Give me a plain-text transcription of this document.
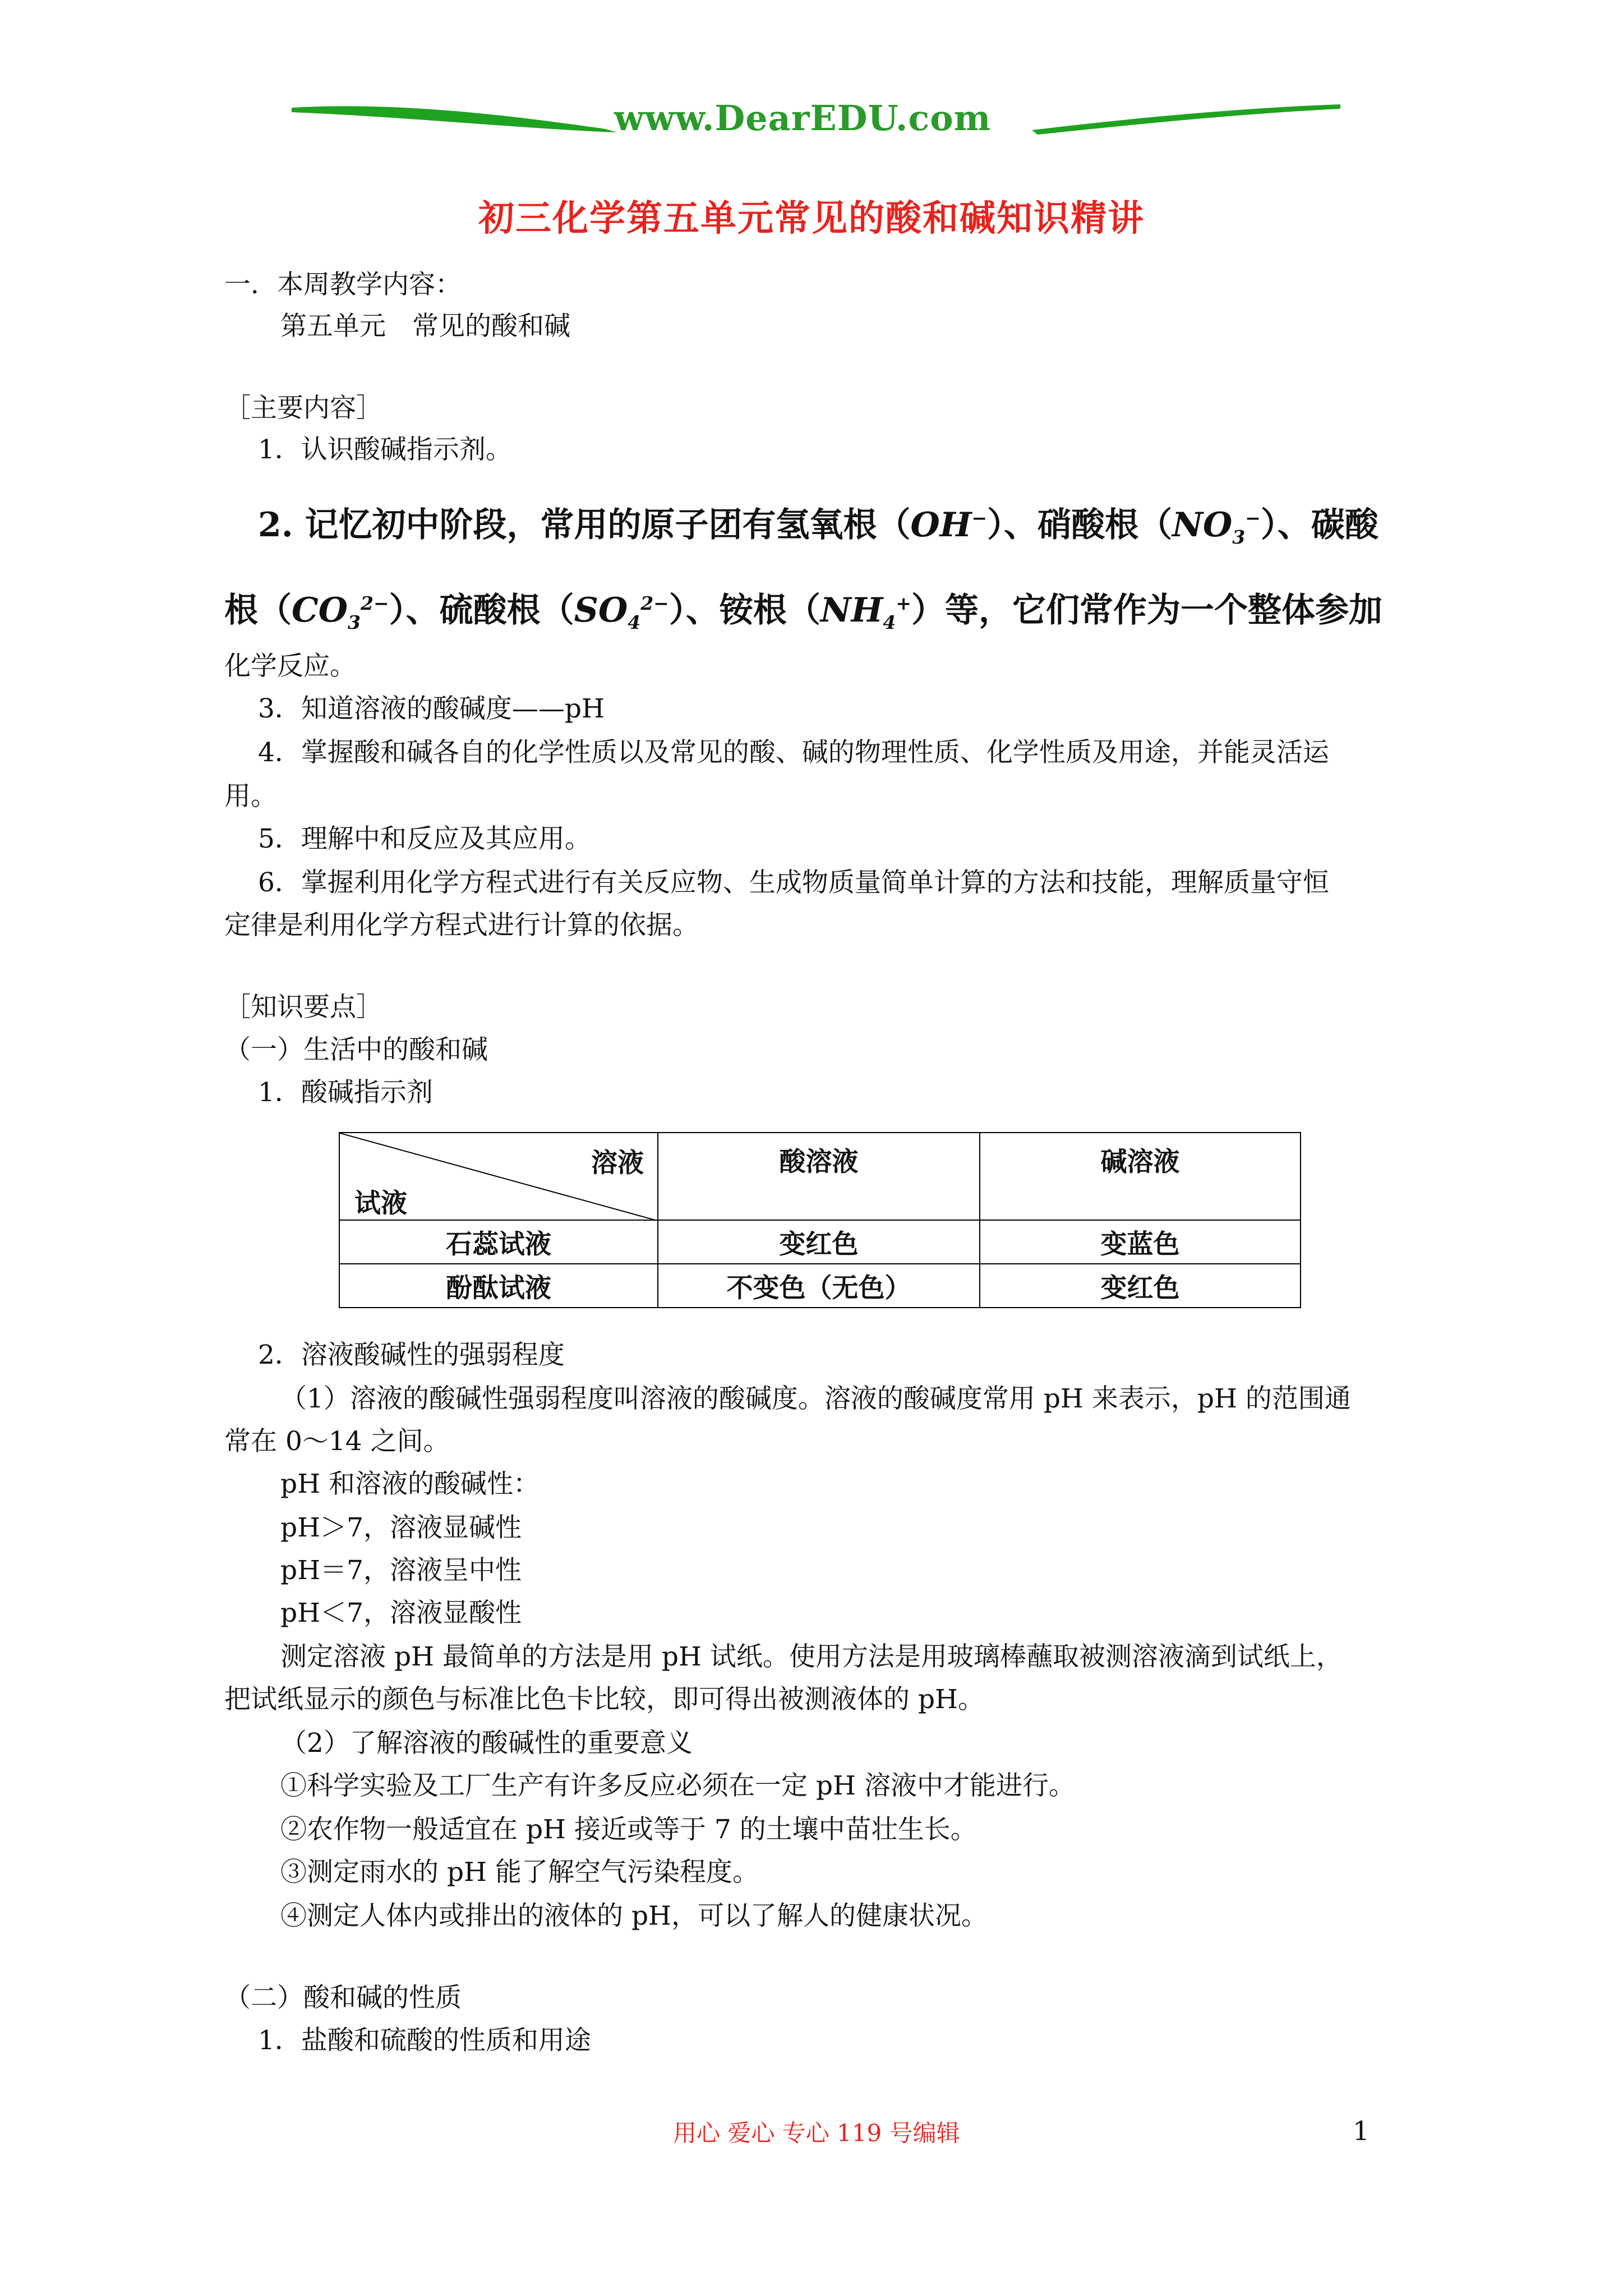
www.DearEDU.com
初三化学第五单元常见的酸和碱知识精讲
一．本周教学内容：
第五单元　常见的酸和碱
［主要内容］
1．认识酸碱指示剂。
2. 记忆初中阶段，常用的原子团有氢氧根（OH−）、硝酸根$(NO_3^-)$、碳酸
根$(CO_3^{2-})$、硫酸根$(SO_4^{2-})$、铵根$(NH_4^+)$等，它们常作为一个整体参加
化学反应。
3．知道溶液的酸碱度——pH
4．掌握酸和碱各自的化学性质以及常见的酸、碱的物理性质、化学性质及用途，并能灵活运
用。
5．理解中和反应及其应用。
6．掌握利用化学方程式进行有关反应物、生成物质量简单计算的方法和技能，理解质量守恒
定律是利用化学方程式进行计算的依据。
［知识要点］
（一）生活中的酸和碱
1．酸碱指示剂
溶液
试液	酸溶液	碱溶液
石蕊试液	变红色	变蓝色
酚酞试液	不变色（无色）	变红色
2．溶液酸碱性的强弱程度
（1）溶液的酸碱性强弱程度叫溶液的酸碱度。溶液的酸碱度常用 pH 来表示，pH 的范围通
常在 0～14 之间。
pH 和溶液的酸碱性：
pH＞7，溶液显碱性
pH＝7，溶液呈中性
pH＜7，溶液显酸性
测定溶液 pH 最简单的方法是用 pH 试纸。使用方法是用玻璃棒蘸取被测溶液滴到试纸上，
把试纸显示的颜色与标准比色卡比较，即可得出被测液体的 pH。
（2）了解溶液的酸碱性的重要意义
①科学实验及工厂生产有许多反应必须在一定 pH 溶液中才能进行。
②农作物一般适宜在 pH 接近或等于 7 的土壤中苗壮生长。
③测定雨水的 pH 能了解空气污染程度。
④测定人体内或排出的液体的 pH，可以了解人的健康状况。
（二）酸和碱的性质
1．盐酸和硫酸的性质和用途
用心 爱心 专心 119 号编辑	1
